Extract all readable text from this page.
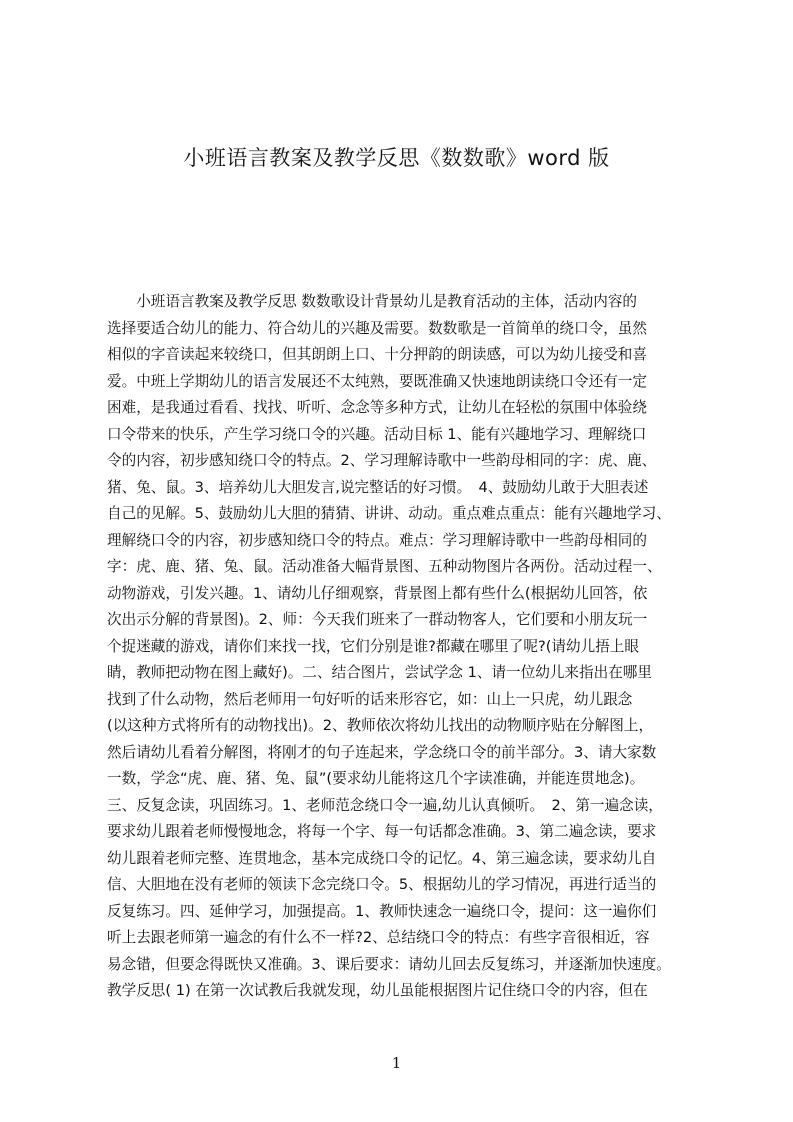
小班语言教案及教学反思《数数歌》word 版
　　小班语言教案及教学反思 数数歌设计背景幼儿是教育活动的主体，活动内容的
选择要适合幼儿的能力、符合幼儿的兴趣及需要。数数歌是一首简单的绕口令，虽然
相似的字音读起来较绕口，但其朗朗上口、十分押韵的朗读感，可以为幼儿接受和喜
爱。中班上学期幼儿的语言发展还不太纯熟，要既准确又快速地朗读绕口令还有一定
困难，是我通过看看、找找、听听、念念等多种方式，让幼儿在轻松的氛围中体验绕
口令带来的快乐，产生学习绕口令的兴趣。活动目标 1、能有兴趣地学习、理解绕口
令的内容，初步感知绕口令的特点。2、学习理解诗歌中一些韵母相同的字：虎、鹿、
猪、兔、鼠。3、培养幼儿大胆发言,说完整话的好习惯。　4、鼓励幼儿敢于大胆表述
自己的见解。5、鼓励幼儿大胆的猜猜、讲讲、动动。重点难点重点：能有兴趣地学习、
理解绕口令的内容，初步感知绕口令的特点。难点：学习理解诗歌中一些韵母相同的
字：虎、鹿、猪、兔、鼠。活动准备大幅背景图、五种动物图片各两份。活动过程一、
动物游戏，引发兴趣。1、请幼儿仔细观察，背景图上都有些什么(根据幼儿回答，依
次出示分解的背景图)。2、师：今天我们班来了一群动物客人，它们要和小朋友玩一
个捉迷藏的游戏，请你们来找一找，它们分别是谁?都藏在哪里了呢?(请幼儿捂上眼
睛，教师把动物在图上藏好)。二、结合图片，尝试学念 1、请一位幼儿来指出在哪里
找到了什么动物，然后老师用一句好听的话来形容它，如：山上一只虎，幼儿跟念
(以这种方式将所有的动物找出)。2、教师依次将幼儿找出的动物顺序贴在分解图上，
然后请幼儿看着分解图，将刚才的句子连起来，学念绕口令的前半部分。3、请大家数
一数，学念“虎、鹿、猪、兔、鼠”(要求幼儿能将这几个字读准确，并能连贯地念)。
三、反复念读，巩固练习。1、老师范念绕口令一遍,幼儿认真倾听。　2、第一遍念读，
要求幼儿跟着老师慢慢地念，将每一个字、每一句话都念准确。3、第二遍念读，要求
幼儿跟着老师完整、连贯地念，基本完成绕口令的记忆。4、第三遍念读，要求幼儿自
信、大胆地在没有老师的领读下念完绕口令。5、根据幼儿的学习情况，再进行适当的
反复练习。四、延伸学习，加强提高。1、教师快速念一遍绕口令，提问：这一遍你们
听上去跟老师第一遍念的有什么不一样?2、总结绕口令的特点：有些字音很相近，容
易念错，但要念得既快又准确。3、课后要求：请幼儿回去反复练习，并逐渐加快速度。
教学反思( 1) 在第一次试教后我就发现，幼儿虽能根据图片记住绕口令的内容，但在
1
